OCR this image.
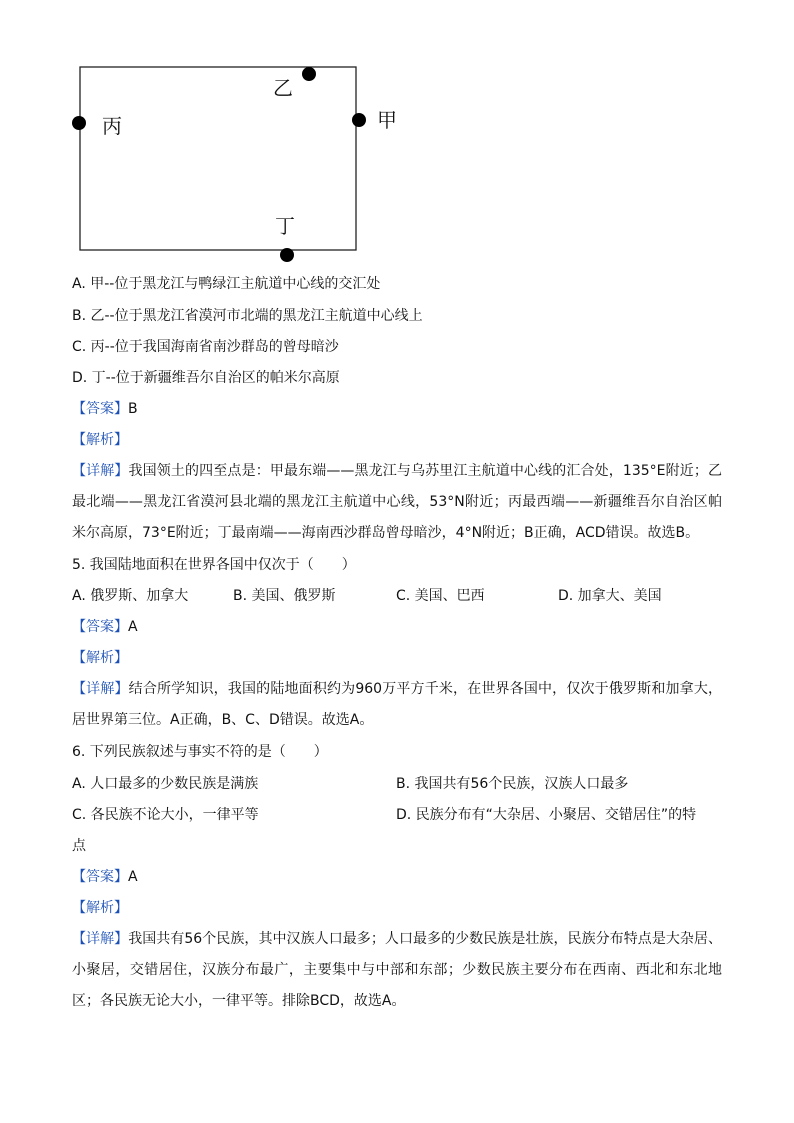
乙
丙	甲
丁
A. 甲--位于黑龙江与鸭绿江主航道中心线的交汇处
B. 乙--位于黑龙江省漠河市北端的黑龙江主航道中心线上
C. 丙--位于我国海南省南沙群岛的曾母暗沙
D. 丁--位于新疆维吾尔自治区的帕米尔高原
【答案】B
【解析】
【详解】我国领土的四至点是：甲最东端——黑龙江与乌苏里江主航道中心线的汇合处，135°E附近；乙最北端——黑龙江省漠河县北端的黑龙江主航道中心线，53°N附近；丙最西端——新疆维吾尔自治区帕米尔高原，73°E附近；丁最南端——海南西沙群岛曾母暗沙，4°N附近；B正确，ACD错误。故选B。
5. 我国陆地面积在世界各国中仅次于（　　）
A. 俄罗斯、加拿大	B. 美国、俄罗斯	C. 美国、巴西	D. 加拿大、美国
【答案】A
【解析】
【详解】结合所学知识，我国的陆地面积约为960万平方千米，在世界各国中，仅次于俄罗斯和加拿大，居世界第三位。A正确，B、C、D错误。故选A。
6. 下列民族叙述与事实不符的是（　　）
A. 人口最多的少数民族是满族	B. 我国共有56个民族，汉族人口最多
C. 各民族不论大小，一律平等	D. 民族分布有“大杂居、小聚居、交错居住”的特
点
【答案】A
【解析】
【详解】我国共有56个民族，其中汉族人口最多；人口最多的少数民族是壮族，民族分布特点是大杂居、小聚居，交错居住，汉族分布最广，主要集中与中部和东部；少数民族主要分布在西南、西北和东北地区；各民族无论大小，一律平等。排除BCD，故选A。
